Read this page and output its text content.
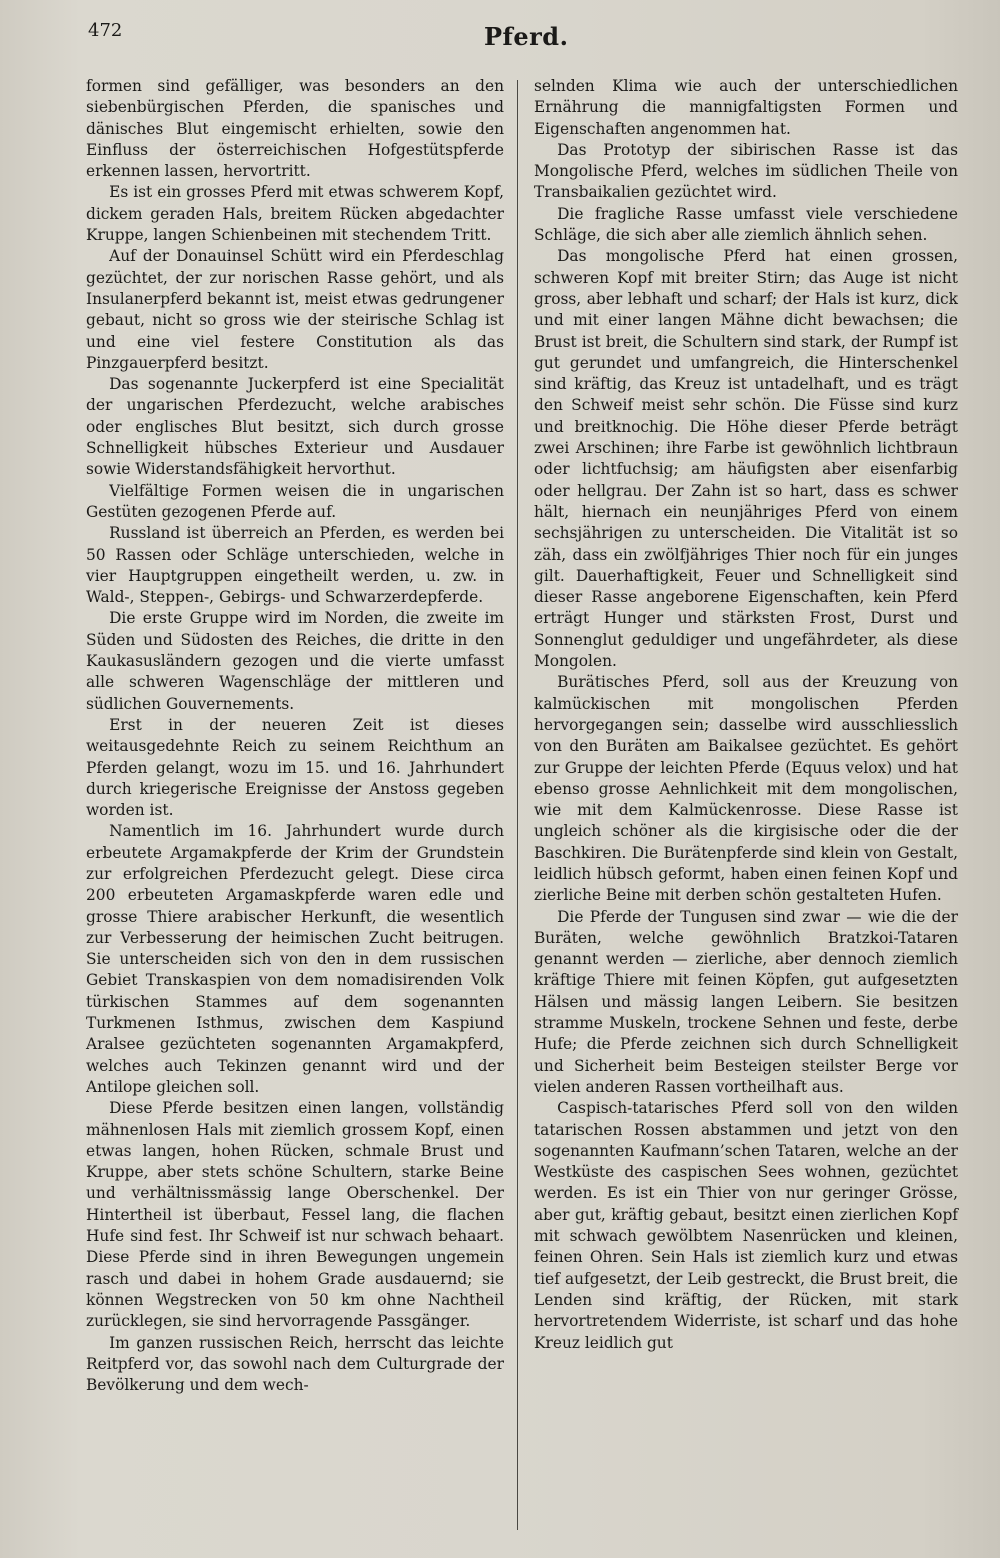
472	Pferd.

formen sind gefälliger, was besonders an den siebenbürgischen Pferden, die spanisches und dänisches Blut eingemischt erhielten, sowie den Einfluss der österreichischen Hofgestütspferde erkennen lassen, hervortritt.

Es ist ein grosses Pferd mit etwas schwerem Kopf, dickem geraden Hals, breitem Rücken abgedachter Kruppe, langen Schienbeinen mit stechendem Tritt.

Auf der Donauinsel Schütt wird ein Pferdeschlag gezüchtet, der zur norischen Rasse gehört, und als Insulanerpferd bekannt ist, meist etwas gedrungener gebaut, nicht so gross wie der steirische Schlag ist und eine viel festere Constitution als das Pinzgauerpferd besitzt.

Das sogenannte Juckerpferd ist eine Specialität der ungarischen Pferdezucht, welche arabisches oder englisches Blut besitzt, sich durch grosse Schnelligkeit hübsches Exterieur und Ausdauer sowie Widerstandsfähigkeit hervorthut.

Vielfältige Formen weisen die in ungarischen Gestüten gezogenen Pferde auf.

Russland ist überreich an Pferden, es werden bei 50 Rassen oder Schläge unterschieden, welche in vier Hauptgruppen eingetheilt werden, u. zw. in Wald-, Steppen-, Gebirgs- und Schwarzerdepferde.

Die erste Gruppe wird im Norden, die zweite im Süden und Südosten des Reiches, die dritte in den Kaukasusländern gezogen und die vierte umfasst alle schweren Wagenschläge der mittleren und südlichen Gouvernements.

Erst in der neueren Zeit ist dieses weitausgedehnte Reich zu seinem Reichthum an Pferden gelangt, wozu im 15. und 16. Jahrhundert durch kriegerische Ereignisse der Anstoss gegeben worden ist.

Namentlich im 16. Jahrhundert wurde durch erbeutete Argamakpferde der Krim der Grundstein zur erfolgreichen Pferdezucht gelegt. Diese circa 200 erbeuteten Argamaskpferde waren edle und grosse Thiere arabischer Herkunft, die wesentlich zur Verbesserung der heimischen Zucht beitrugen. Sie unterscheiden sich von den in dem russischen Gebiet Transkaspien von dem nomadisirenden Volk türkischen Stammes auf dem sogenannten Turkmenen Isthmus, zwischen dem Kaspiund Aralsee gezüchteten sogenannten Argamakpferd, welches auch Tekinzen genannt wird und der Antilope gleichen soll.

Diese Pferde besitzen einen langen, vollständig mähnenlosen Hals mit ziemlich grossem Kopf, einen etwas langen, hohen Rücken, schmale Brust und Kruppe, aber stets schöne Schultern, starke Beine und verhältnissmässig lange Oberschenkel. Der Hintertheil ist überbaut, Fessel lang, die flachen Hufe sind fest. Ihr Schweif ist nur schwach behaart. Diese Pferde sind in ihren Bewegungen ungemein rasch und dabei in hohem Grade ausdauernd; sie können Wegstrecken von 50 km ohne Nachtheil zurücklegen, sie sind hervorragende Passgänger.

Im ganzen russischen Reich, herrscht das leichte Reitpferd vor, das sowohl nach dem Culturgrade der Bevölkerung und dem wech-

selnden Klima wie auch der unterschiedlichen Ernährung die mannigfaltigsten Formen und Eigenschaften angenommen hat.

Das Prototyp der sibirischen Rasse ist das Mongolische Pferd, welches im südlichen Theile von Transbaikalien gezüchtet wird.

Die fragliche Rasse umfasst viele verschiedene Schläge, die sich aber alle ziemlich ähnlich sehen.

Das mongolische Pferd hat einen grossen, schweren Kopf mit breiter Stirn; das Auge ist nicht gross, aber lebhaft und scharf; der Hals ist kurz, dick und mit einer langen Mähne dicht bewachsen; die Brust ist breit, die Schultern sind stark, der Rumpf ist gut gerundet und umfangreich, die Hinterschenkel sind kräftig, das Kreuz ist untadelhaft, und es trägt den Schweif meist sehr schön. Die Füsse sind kurz und breitknochig. Die Höhe dieser Pferde beträgt zwei Arschinen; ihre Farbe ist gewöhnlich lichtbraun oder lichtfuchsig; am häufigsten aber eisenfarbig oder hellgrau. Der Zahn ist so hart, dass es schwer hält, hiernach ein neunjähriges Pferd von einem sechsjährigen zu unterscheiden. Die Vitalität ist so zäh, dass ein zwölfjähriges Thier noch für ein junges gilt. Dauerhaftigkeit, Feuer und Schnelligkeit sind dieser Rasse angeborene Eigenschaften, kein Pferd erträgt Hunger und stärksten Frost, Durst und Sonnenglut geduldiger und ungefährdeter, als diese Mongolen.

Burätisches Pferd, soll aus der Kreuzung von kalmückischen mit mongolischen Pferden hervorgegangen sein; dasselbe wird ausschliesslich von den Buräten am Baikalsee gezüchtet. Es gehört zur Gruppe der leichten Pferde (Equus velox) und hat ebenso grosse Aehnlichkeit mit dem mongolischen, wie mit dem Kalmückenrosse. Diese Rasse ist ungleich schöner als die kirgisische oder die der Baschkiren. Die Burätenpferde sind klein von Gestalt, leidlich hübsch geformt, haben einen feinen Kopf und zierliche Beine mit derben schön gestalteten Hufen.

Die Pferde der Tungusen sind zwar — wie die der Buräten, welche gewöhnlich Bratzkoi-Tataren genannt werden — zierliche, aber dennoch ziemlich kräftige Thiere mit feinen Köpfen, gut aufgesetzten Hälsen und mässig langen Leibern. Sie besitzen stramme Muskeln, trockene Sehnen und feste, derbe Hufe; die Pferde zeichnen sich durch Schnelligkeit und Sicherheit beim Besteigen steilster Berge vor vielen anderen Rassen vortheilhaft aus.

Caspisch-tatarisches Pferd soll von den wilden tatarischen Rossen abstammen und jetzt von den sogenannten Kaufmann’schen Tataren, welche an der Westküste des caspischen Sees wohnen, gezüchtet werden. Es ist ein Thier von nur geringer Grösse, aber gut, kräftig gebaut, besitzt einen zierlichen Kopf mit schwach gewölbtem Nasenrücken und kleinen, feinen Ohren. Sein Hals ist ziemlich kurz und etwas tief aufgesetzt, der Leib gestreckt, die Brust breit, die Lenden sind kräftig, der Rücken, mit stark hervortretendem Widerriste, ist scharf und das hohe Kreuz leidlich gut
